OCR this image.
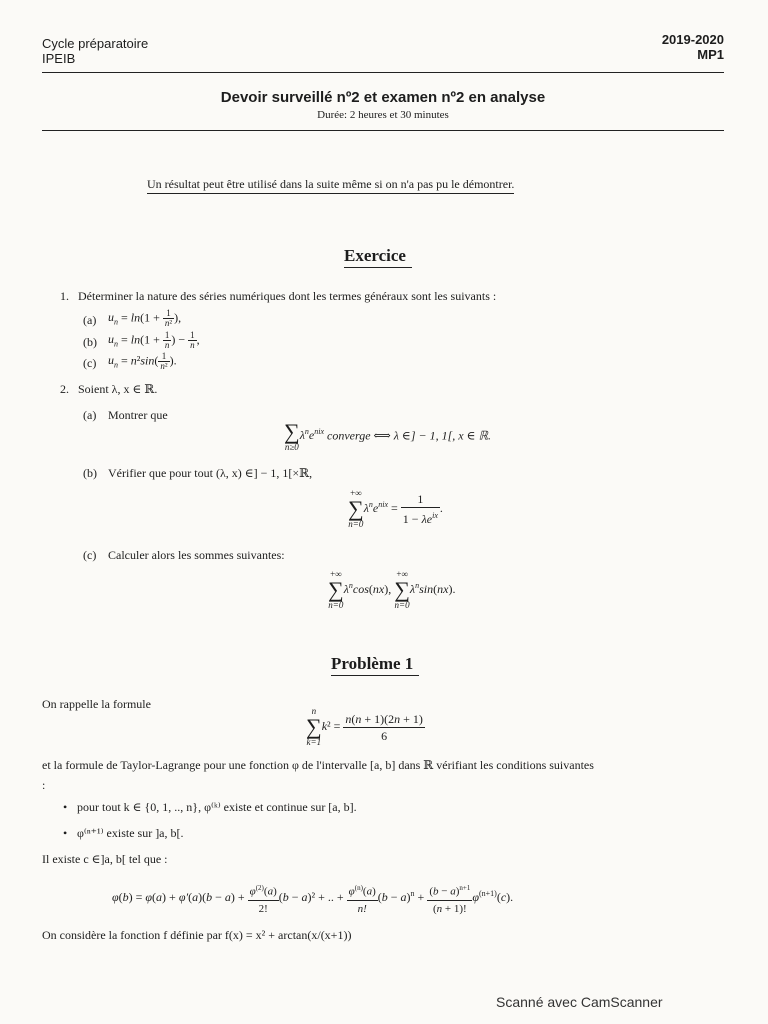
Cycle préparatoire
IPEIB
2019-2020
MP1
Devoir surveillé nº2 et examen nº2 en analyse
Durée: 2 heures et 30 minutes
Un résultat peut être utilisé dans la suite même si on n'a pas pu le démontrer.
Exercice
1. Déterminer la nature des séries numériques dont les termes généraux sont les suivants :
(a) $u_n = \ln(1 + \frac{1}{\text{n²}}$ ),
(b) $u_n = \ln(1 + \frac{1}{n}$ ) − $\frac{1}{n}$ ,
(c) $u_n = n^2\sin( \frac{1}{\text{n²}}$ ).
2. Soient λ, x ∈ ℝ.
(a) Montrer que
∑
n≥0
$\lambda^ne^{nix}$ converge ⟺ λ ∈] − 1, 1[, x ∈ ℝ.
(b) Vérifier que pour tout (λ, x) ∈] − 1, 1[×ℝ,
+∞
∑
n=0
$\lambda^ne^{nix} = \frac{1}{1 - \lambda e^{ix}}$ .
(c) Calculer alors les sommes suivantes:
+∞
∑
n=0
$\lambda^n\cos(nx)$,
+∞
∑
n=0
$\lambda^n\sin(nx)$.
Problème 1
On rappelle la formule	n
∑
k=1
$k^2 = \frac{n(n + 1)(2n + 1)}{6}$
et la formule de Taylor-Lagrange pour une fonction φ de l'intervalle [a, b] dans ℝ vérifiant les conditions suivantes
:
• pour tout k ∈ {0, 1, .., n}, φ⁽ᵏ⁾ existe et continue sur [a, b].
• φ⁽ⁿ⁺¹⁾ existe sur ]a, b[.
Il existe c ∈]a, b[ tel que :
$\varphi(b) = \varphi(a) + \varphi'(a)(b - a) + \frac{\varphi^{(2)}(a)}{2!} (b - a)^2$ + .. + $\frac{\varphi^{(n)}(a)}{n!} (b - a)^n + \frac{(b - a)^{n+1}}{(n + 1)!} \varphi^{(n+1)}(c)$.
On considère la fonction f définie par f(x) = x² + arctan(x/(x+1))
Scanné avec CamScanner
